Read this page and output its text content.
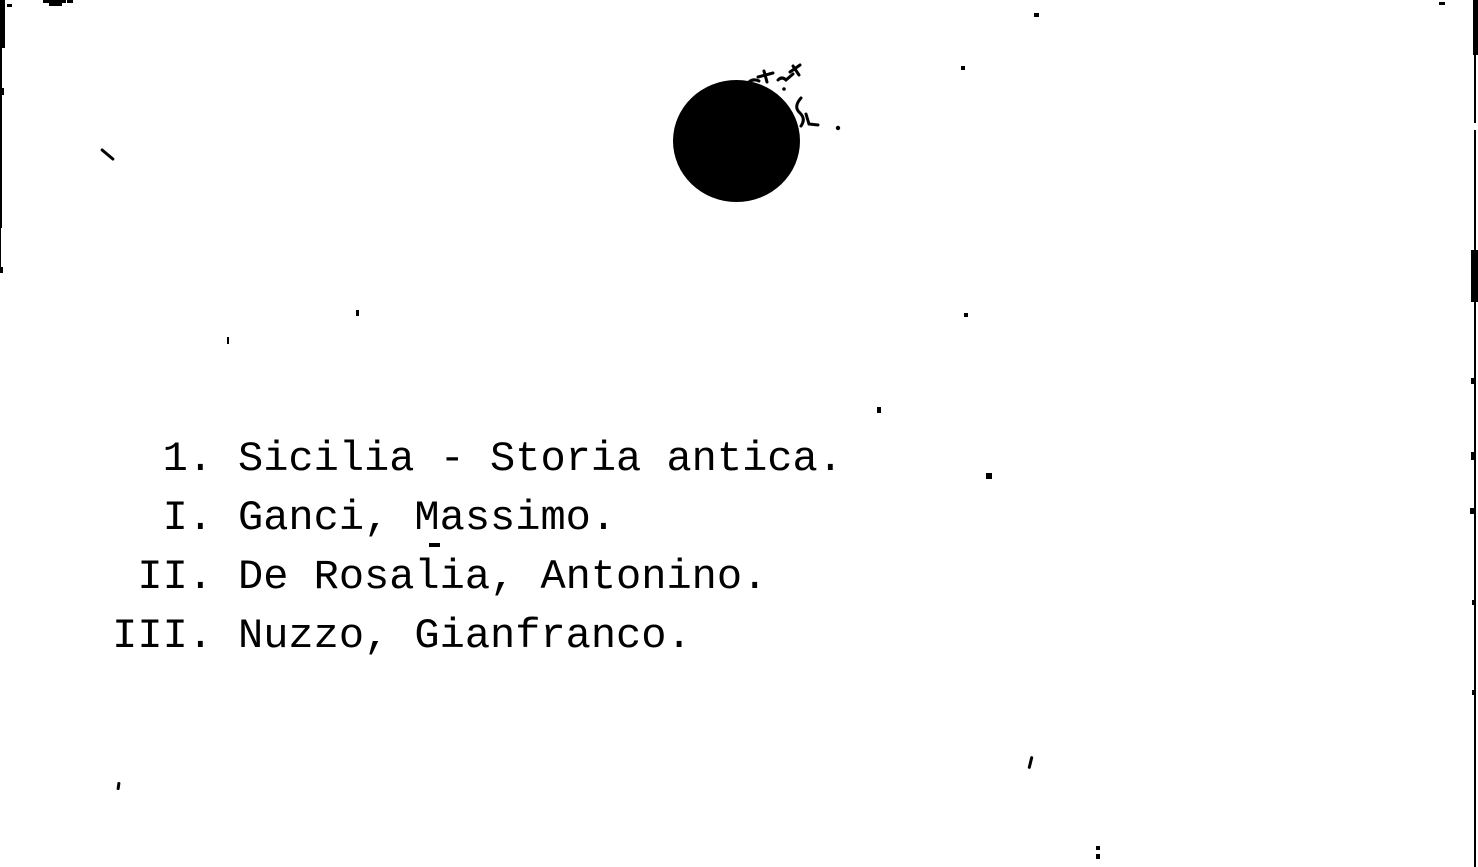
1. Sicilia - Storia antica.
I. Ganci, Massimo.
II. De Rosalia, Antonino.
III. Nuzzo, Gianfranco.
